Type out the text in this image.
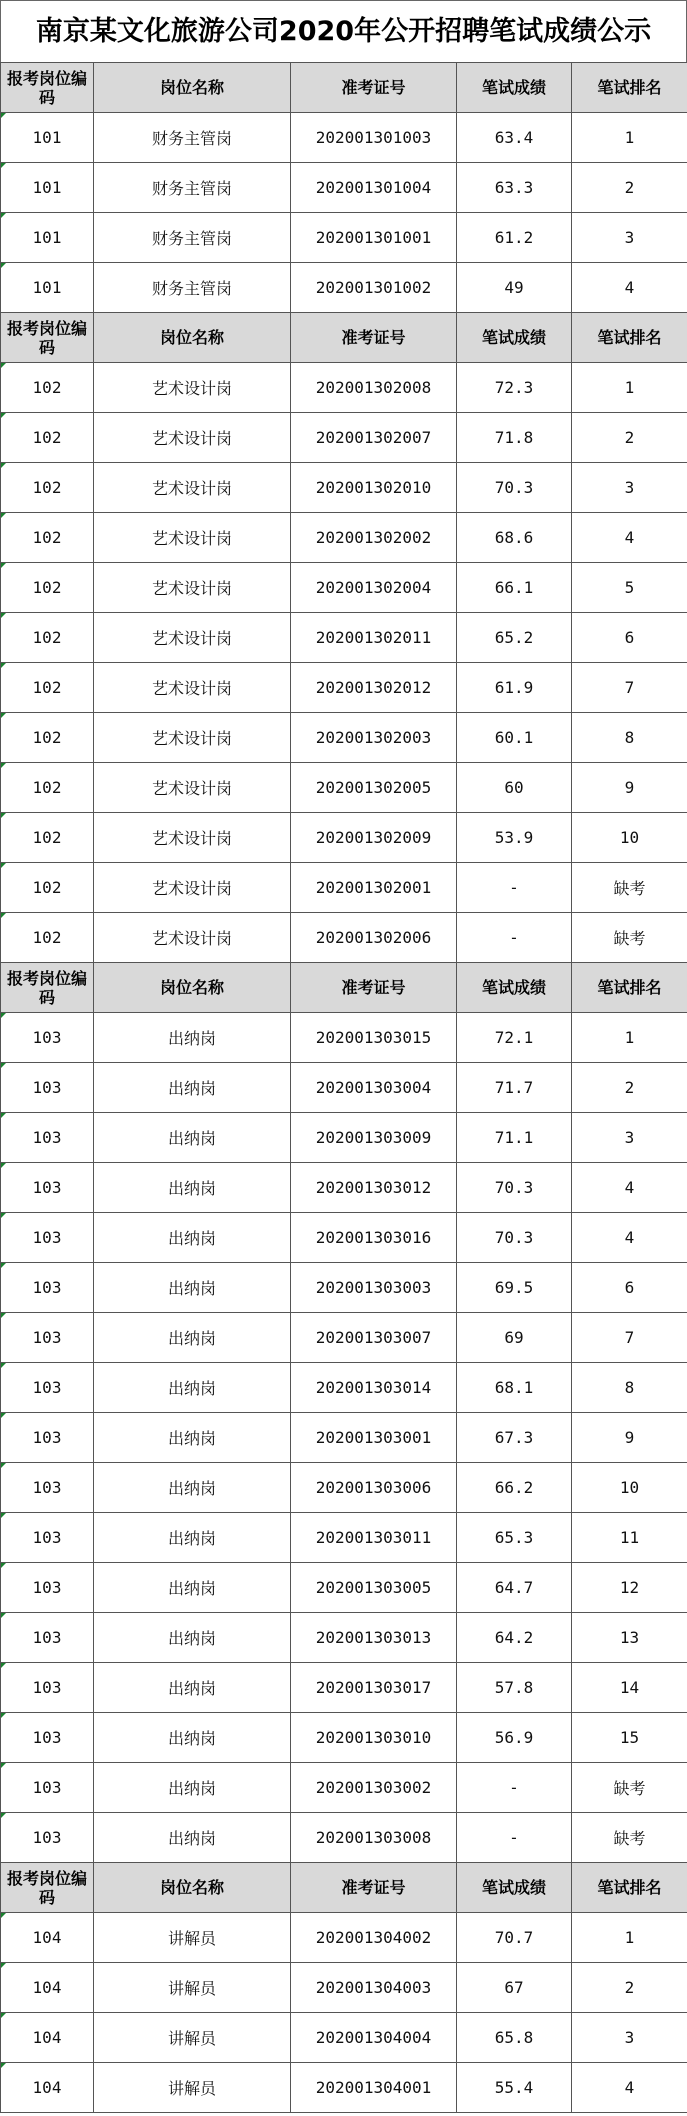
南京某文化旅游公司2020年公开招聘笔试成绩公示
报考岗位编码	岗位名称	准考证号	笔试成绩	笔试排名
101	财务主管岗	202001301003	63.4	1
101	财务主管岗	202001301004	63.3	2
101	财务主管岗	202001301001	61.2	3
101	财务主管岗	202001301002	49	4
报考岗位编码	岗位名称	准考证号	笔试成绩	笔试排名
102	艺术设计岗	202001302008	72.3	1
102	艺术设计岗	202001302007	71.8	2
102	艺术设计岗	202001302010	70.3	3
102	艺术设计岗	202001302002	68.6	4
102	艺术设计岗	202001302004	66.1	5
102	艺术设计岗	202001302011	65.2	6
102	艺术设计岗	202001302012	61.9	7
102	艺术设计岗	202001302003	60.1	8
102	艺术设计岗	202001302005	60	9
102	艺术设计岗	202001302009	53.9	10
102	艺术设计岗	202001302001	-	缺考
102	艺术设计岗	202001302006	-	缺考
报考岗位编码	岗位名称	准考证号	笔试成绩	笔试排名
103	出纳岗	202001303015	72.1	1
103	出纳岗	202001303004	71.7	2
103	出纳岗	202001303009	71.1	3
103	出纳岗	202001303012	70.3	4
103	出纳岗	202001303016	70.3	4
103	出纳岗	202001303003	69.5	6
103	出纳岗	202001303007	69	7
103	出纳岗	202001303014	68.1	8
103	出纳岗	202001303001	67.3	9
103	出纳岗	202001303006	66.2	10
103	出纳岗	202001303011	65.3	11
103	出纳岗	202001303005	64.7	12
103	出纳岗	202001303013	64.2	13
103	出纳岗	202001303017	57.8	14
103	出纳岗	202001303010	56.9	15
103	出纳岗	202001303002	-	缺考
103	出纳岗	202001303008	-	缺考
报考岗位编码	岗位名称	准考证号	笔试成绩	笔试排名
104	讲解员	202001304002	70.7	1
104	讲解员	202001304003	67	2
104	讲解员	202001304004	65.8	3
104	讲解员	202001304001	55.4	4
